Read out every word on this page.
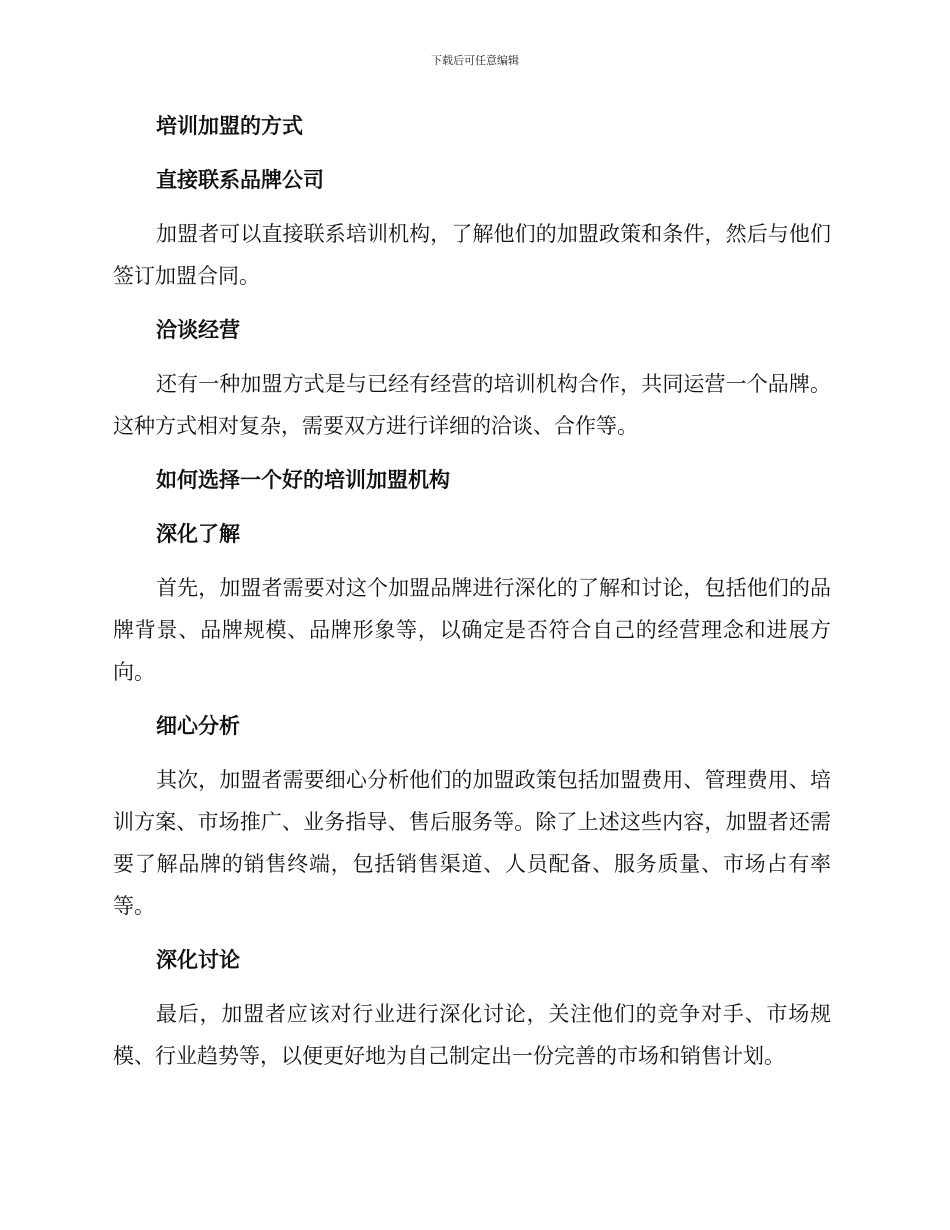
下载后可任意编辑
培训加盟的方式
直接联系品牌公司

加盟者可以直接联系培训机构，了解他们的加盟政策和条件，然后与他们签订加盟合同。

洽谈经营

还有一种加盟方式是与已经有经营的培训机构合作，共同运营一个品牌。这种方式相对复杂，需要双方进行详细的洽谈、合作等。

如何选择一个好的培训加盟机构
深化了解

首先，加盟者需要对这个加盟品牌进行深化的了解和讨论，包括他们的品牌背景、品牌规模、品牌形象等，以确定是否符合自己的经营理念和进展方向。

细心分析

其次，加盟者需要细心分析他们的加盟政策包括加盟费用、管理费用、培训方案、市场推广、业务指导、售后服务等。除了上述这些内容，加盟者还需要了解品牌的销售终端，包括销售渠道、人员配备、服务质量、市场占有率等。

深化讨论

最后，加盟者应该对行业进行深化讨论，关注他们的竞争对手、市场规模、行业趋势等，以便更好地为自己制定出一份完善的市场和销售计划。
